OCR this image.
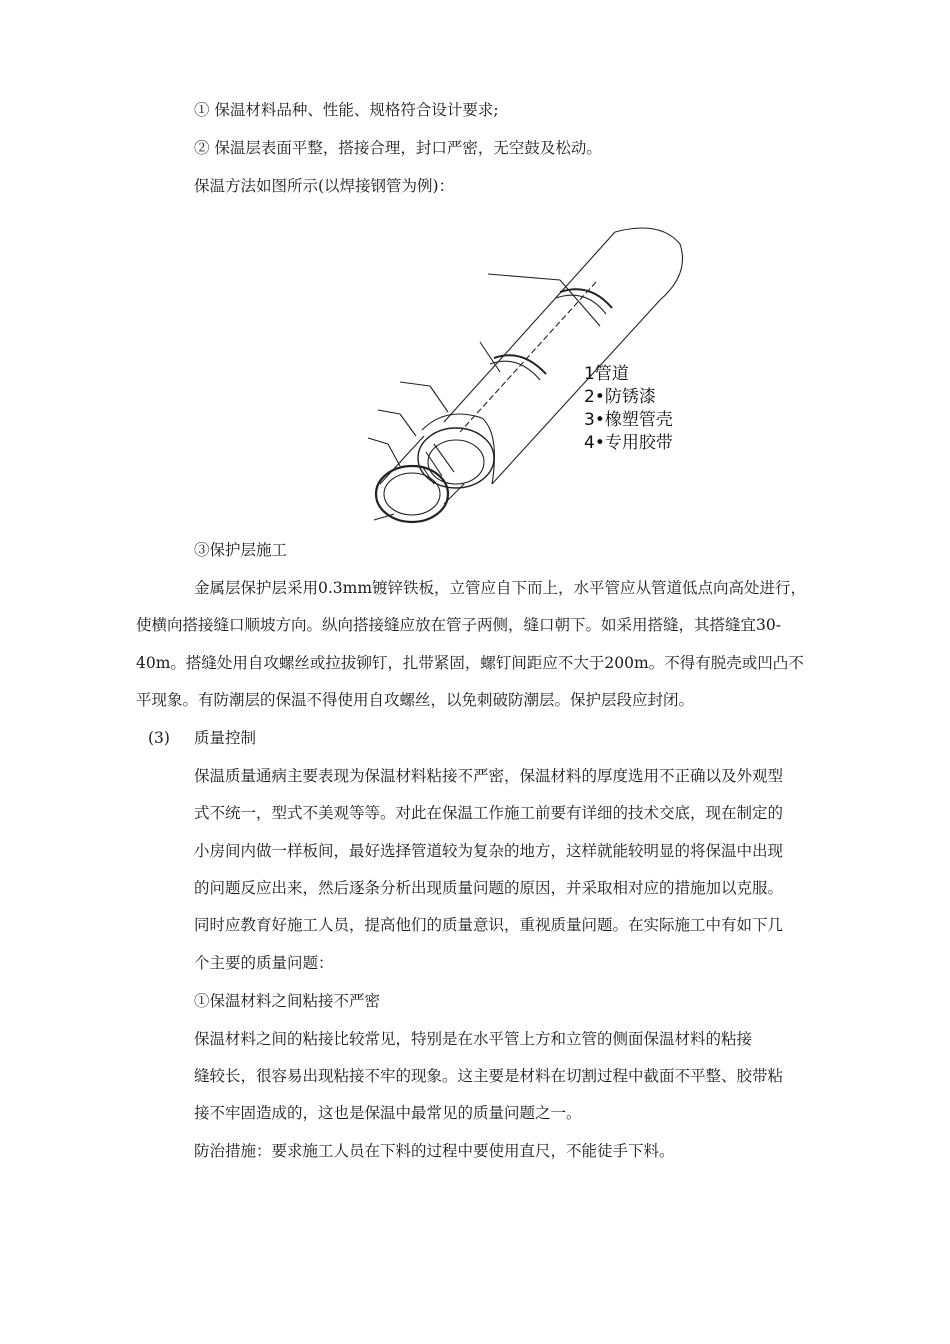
① 保温材料品种、性能、规格符合设计要求;
② 保温层表面平整，搭接合理，封口严密，无空鼓及松动。
保温方法如图所示(以焊接钢管为例)：
1管道
2•防锈漆
3•橡塑管壳
4•专用胶带
③保护层施工
金属层保护层采用0.3mm镀锌铁板，立管应自下而上，水平管应从管道低点向高处进行，
使横向搭接缝口顺坡方向。纵向搭接缝应放在管子两侧，缝口朝下。如采用搭缝，其搭缝宜30-
40m。搭缝处用自攻螺丝或拉拔铆钉，扎带紧固，螺钉间距应不大于200m。不得有脱壳或凹凸不
平现象。有防潮层的保温不得使用自攻螺丝，以免刺破防潮层。保护层段应封闭。
(3) 质量控制
保温质量通病主要表现为保温材料粘接不严密，保温材料的厚度选用不正确以及外观型
式不统一，型式不美观等等。对此在保温工作施工前要有详细的技术交底，现在制定的
小房间内做一样板间，最好选择管道较为复杂的地方，这样就能较明显的将保温中出现
的问题反应出来，然后逐条分析出现质量问题的原因，并采取相对应的措施加以克服。
同时应教育好施工人员，提高他们的质量意识，重视质量问题。在实际施工中有如下几
个主要的质量问题：
①保温材料之间粘接不严密
保温材料之间的粘接比较常见，特别是在水平管上方和立管的侧面保温材料的粘接
缝较长，很容易出现粘接不牢的现象。这主要是材料在切割过程中截面不平整、胶带粘
接不牢固造成的，这也是保温中最常见的质量问题之一。
防治措施：要求施工人员在下料的过程中要使用直尺，不能徒手下料。
